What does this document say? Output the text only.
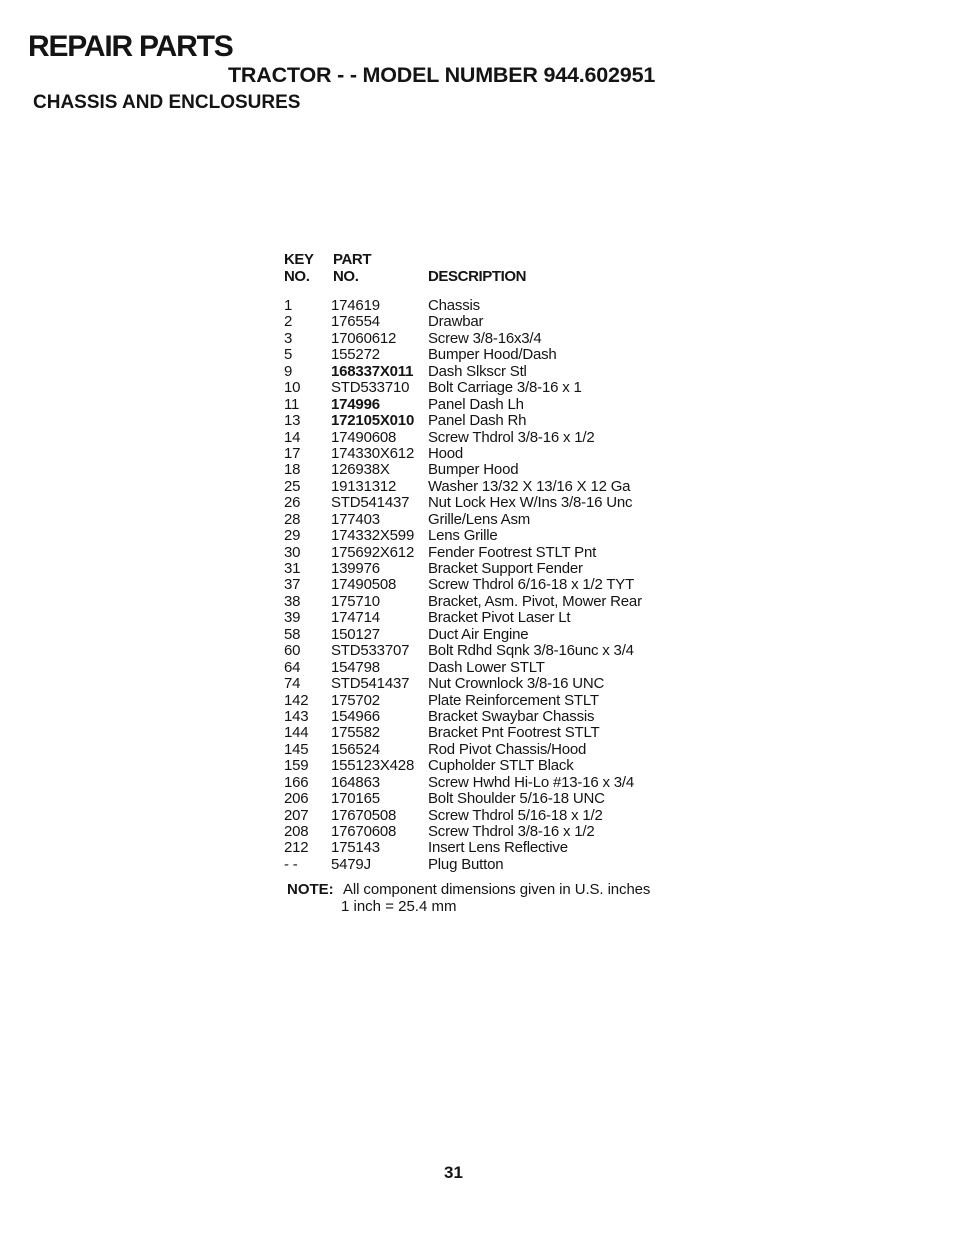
REPAIR PARTS
TRACTOR - - MODEL NUMBER 944.602951
CHASSIS AND ENCLOSURES
KEY PART
NO. NO.	DESCRIPTION
1	174619	Chassis
2	176554	Drawbar
3	17060612 Screw 3/8-16x3/4
5	155272	Bumper Hood/Dash
9	168337X011 Dash Slkscr Stl
10 STD533710 Bolt Carriage 3/8-16 x 1
11 174996	Panel Dash Lh
13 172105X010 Panel Dash Rh
14 17490608 Screw Thdrol 3/8-16 x 1/2
17 174330X612 Hood
18 126938X	Bumper Hood
25 19131312 Washer 13/32 X 13/16 X 12 Ga
26 STD541437 Nut Lock Hex W/Ins 3/8-16 Unc
28 177403	Grille/Lens Asm
29 174332X599 Lens Grille
30 175692X612 Fender Footrest STLT Pnt
31 139976	Bracket Support Fender
37 17490508 Screw Thdrol 6/16-18 x 1/2 TYT
38 175710	Bracket, Asm. Pivot, Mower Rear
39 174714	Bracket Pivot Laser Lt
58 150127	Duct Air Engine
60 STD533707 Bolt Rdhd Sqnk 3/8-16unc x 3/4
64 154798	Dash Lower STLT
74 STD541437 Nut Crownlock 3/8-16 UNC
142 175702	Plate Reinforcement STLT
143 154966	Bracket Swaybar Chassis
144 175582	Bracket Pnt Footrest STLT
145 156524	Rod Pivot Chassis/Hood
159 155123X428 Cupholder STLT Black
166 164863	Screw Hwhd Hi-Lo #13-16 x 3/4
206 170165	Bolt Shoulder 5/16-18 UNC
207 17670508 Screw Thdrol 5/16-18 x 1/2
208 17670608 Screw Thdrol 3/8-16 x 1/2
212 175143	Insert Lens Reflective
- - 5479J	Plug Button
NOTE: All component dimensions given in U.S. inches
1 inch = 25.4 mm
31
